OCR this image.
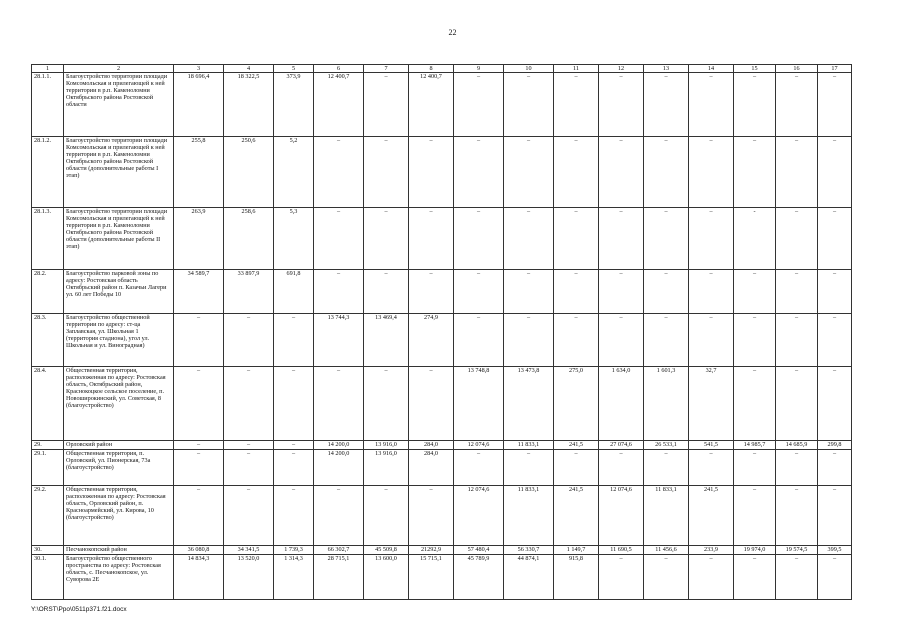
22
1	2	3	4	5	6	7	8	9	10	11	12	13	14	15	16	17
28.1.1.	Благоустройство территории площади Комсомольская и прилегающей к ней территории в р.п. Каменоломни Октябрьского района Ростовской области	18 696,4	18 322,5	373,9	12 400,7	–	12 400,7	–	–	–	–	–	–	–	–	–
28.1.2.	Благоустройство территории площади Комсомольская и прилегающей к ней территории в р.п. Каменоломни Октябрьского района Ростовской области (дополнительные работы I этап)	255,8	250,6	5,2	–	–	–	–	–	–	–	–	–	–	–	–
28.1.3.	Благоустройство территории площади Комсомольская и прилегающей к ней территории в р.п. Каменоломни Октябрьского района Ростовской области (дополнительные работы II этап)	263,9	258,6	5,3	–	–	–	–	–	–	–	–	–	-	–	–
28.2.	Благоустройство парковой зоны по адресу: Ростовская область Октябрьский район п. Казачьи Лагери ул. 60 лет Победы 10	34 589,7	33 897,9	691,8	–	–	–	–	–	–	–	–	–	–	–	–
28.3.	Благоустройство общественной территории по адресу: ст-ца Заплавская, ул. Школьная 1 (территория стадиона), угол ул. Школьная и ул. Виноградная)	–	–	–	13 744,3	13 469,4	274,9	–	–	–	–	–	–	–	–	–
28.4.	Общественная территория, расположенная по адресу: Ростовская область, Октябрьский район, Краснокоцкое сельское поселение, п. Новоширокинский, ул. Советская, 8 (благоустройство)	–	–	–	–	–	–	13 748,8	13 473,8	275,0	1 634,0	1 601,3	32,7	–	–	–
29.	Орловский район	–	–	–	14 200,0	13 916,0	284,0	12 074,6	11 833,1	241,5	27 074,6	26 533,1	541,5	14 985,7	14 685,9	299,8
29.1.	Общественная территория, п. Орловский, ул. Пионерская, 73а (благоустройство)	–	–	–	14 200,0	13 916,0	284,0	–	–	–	–	–	–	–	–	–
29.2.	Общественная территория, расположенная по адресу: Ростовская область, Орловский район, п. Красноармейский, ул. Кирова, 10 (благоустройство)	–	–	–	–	–	–	12 074,6	11 833,1	241,5	12 074,6	11 833,1	241,5	–	–	–
30.	Песчанокопский район	36 080,8	34 341,5	1 739,3	66 302,7	45 509,8	21292,9	57 480,4	56 330,7	1 149,7	11 690,5	11 456,6	233,9	19 974,0	19 574,5	399,5
30.1.	Благоустройство общественного пространства по адресу: Ростовская область, с. Песчанокопское, ул. Суворова 2Е	14 834,3	13 520,0	1 314,3	28 715,1	13 600,0	15 715,1	45 789,9	44 874,1	915,8	–	–	–	–	–	–
Y:\ORST\Ppo\0511p371.f21.docx
